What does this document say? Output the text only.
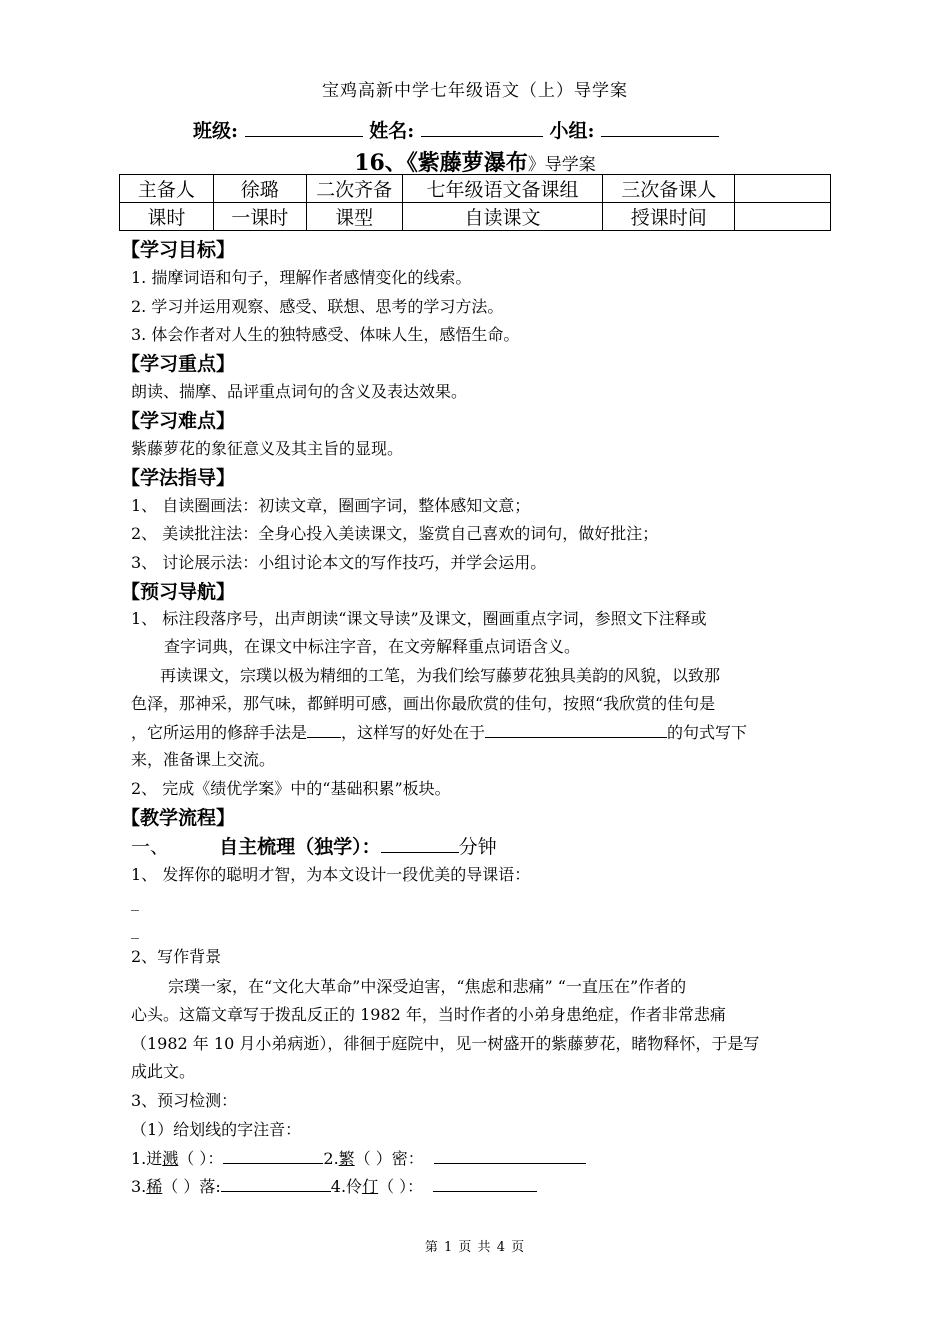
宝鸡高新中学七年级语文（上）导学案
班级:	姓名:	小组:
16、《紫藤萝瀑布》导学案
主备人	徐璐	二次齐备	七年级语文备课组	三次备课人	
课时	一课时	课型	自读课文	授课时间	
【学习目标】
1. 揣摩词语和句子，理解作者感情变化的线索。
2. 学习并运用观察、感受、联想、思考的学习方法。
3. 体会作者对人生的独特感受、体味人生，感悟生命。
【学习重点】
朗读、揣摩、品评重点词句的含义及表达效果。
【学习难点】
紫藤萝花的象征意义及其主旨的显现。
【学法指导】
1、 自读圈画法：初读文章，圈画字词，整体感知文意；
2、 美读批注法：全身心投入美读课文，鉴赏自己喜欢的词句，做好批注；
3、 讨论展示法：小组讨论本文的写作技巧，并学会运用。
【预习导航】
1、 标注段落序号，出声朗读“课文导读”及课文，圈画重点字词，参照文下注释或
查字词典，在课文中标注字音，在文旁解释重点词语含义。
再读课文，宗璞以极为精细的工笔，为我们绘写藤萝花独具美韵的风貌，以致那
色泽，那神采，那气味，都鲜明可感，画出你最欣赏的佳句，按照“我欣赏的佳句是
，它所运用的修辞手法是 ，这样写的好处在于	的句式写下
来，准备课上交流。
2、 完成《绩优学案》中的“基础积累”板块。
【教学流程】
一、	自主梳理（独学）：	分钟
1、 发挥你的聪明才智，为本文设计一段优美的导课语：
_
_
2、写作背景
宗璞一家，在“文化大革命”中深受迫害，“焦虑和悲痛” “一直压在”作者的
心头。这篇文章写于拨乱反正的 1982 年，当时作者的小弟身患绝症，作者非常悲痛
（1982 年 10 月小弟病逝），徘徊于庭院中，见一树盛开的紫藤萝花，睹物释怀，于是写
成此文。
3、预习检测：
（1）给划线的字注音：
1.迸溅（ ）：	2.繁（ ）密：
3.稀（ ）落:	4.伶仃（ ）：
第 1 页 共 4 页
